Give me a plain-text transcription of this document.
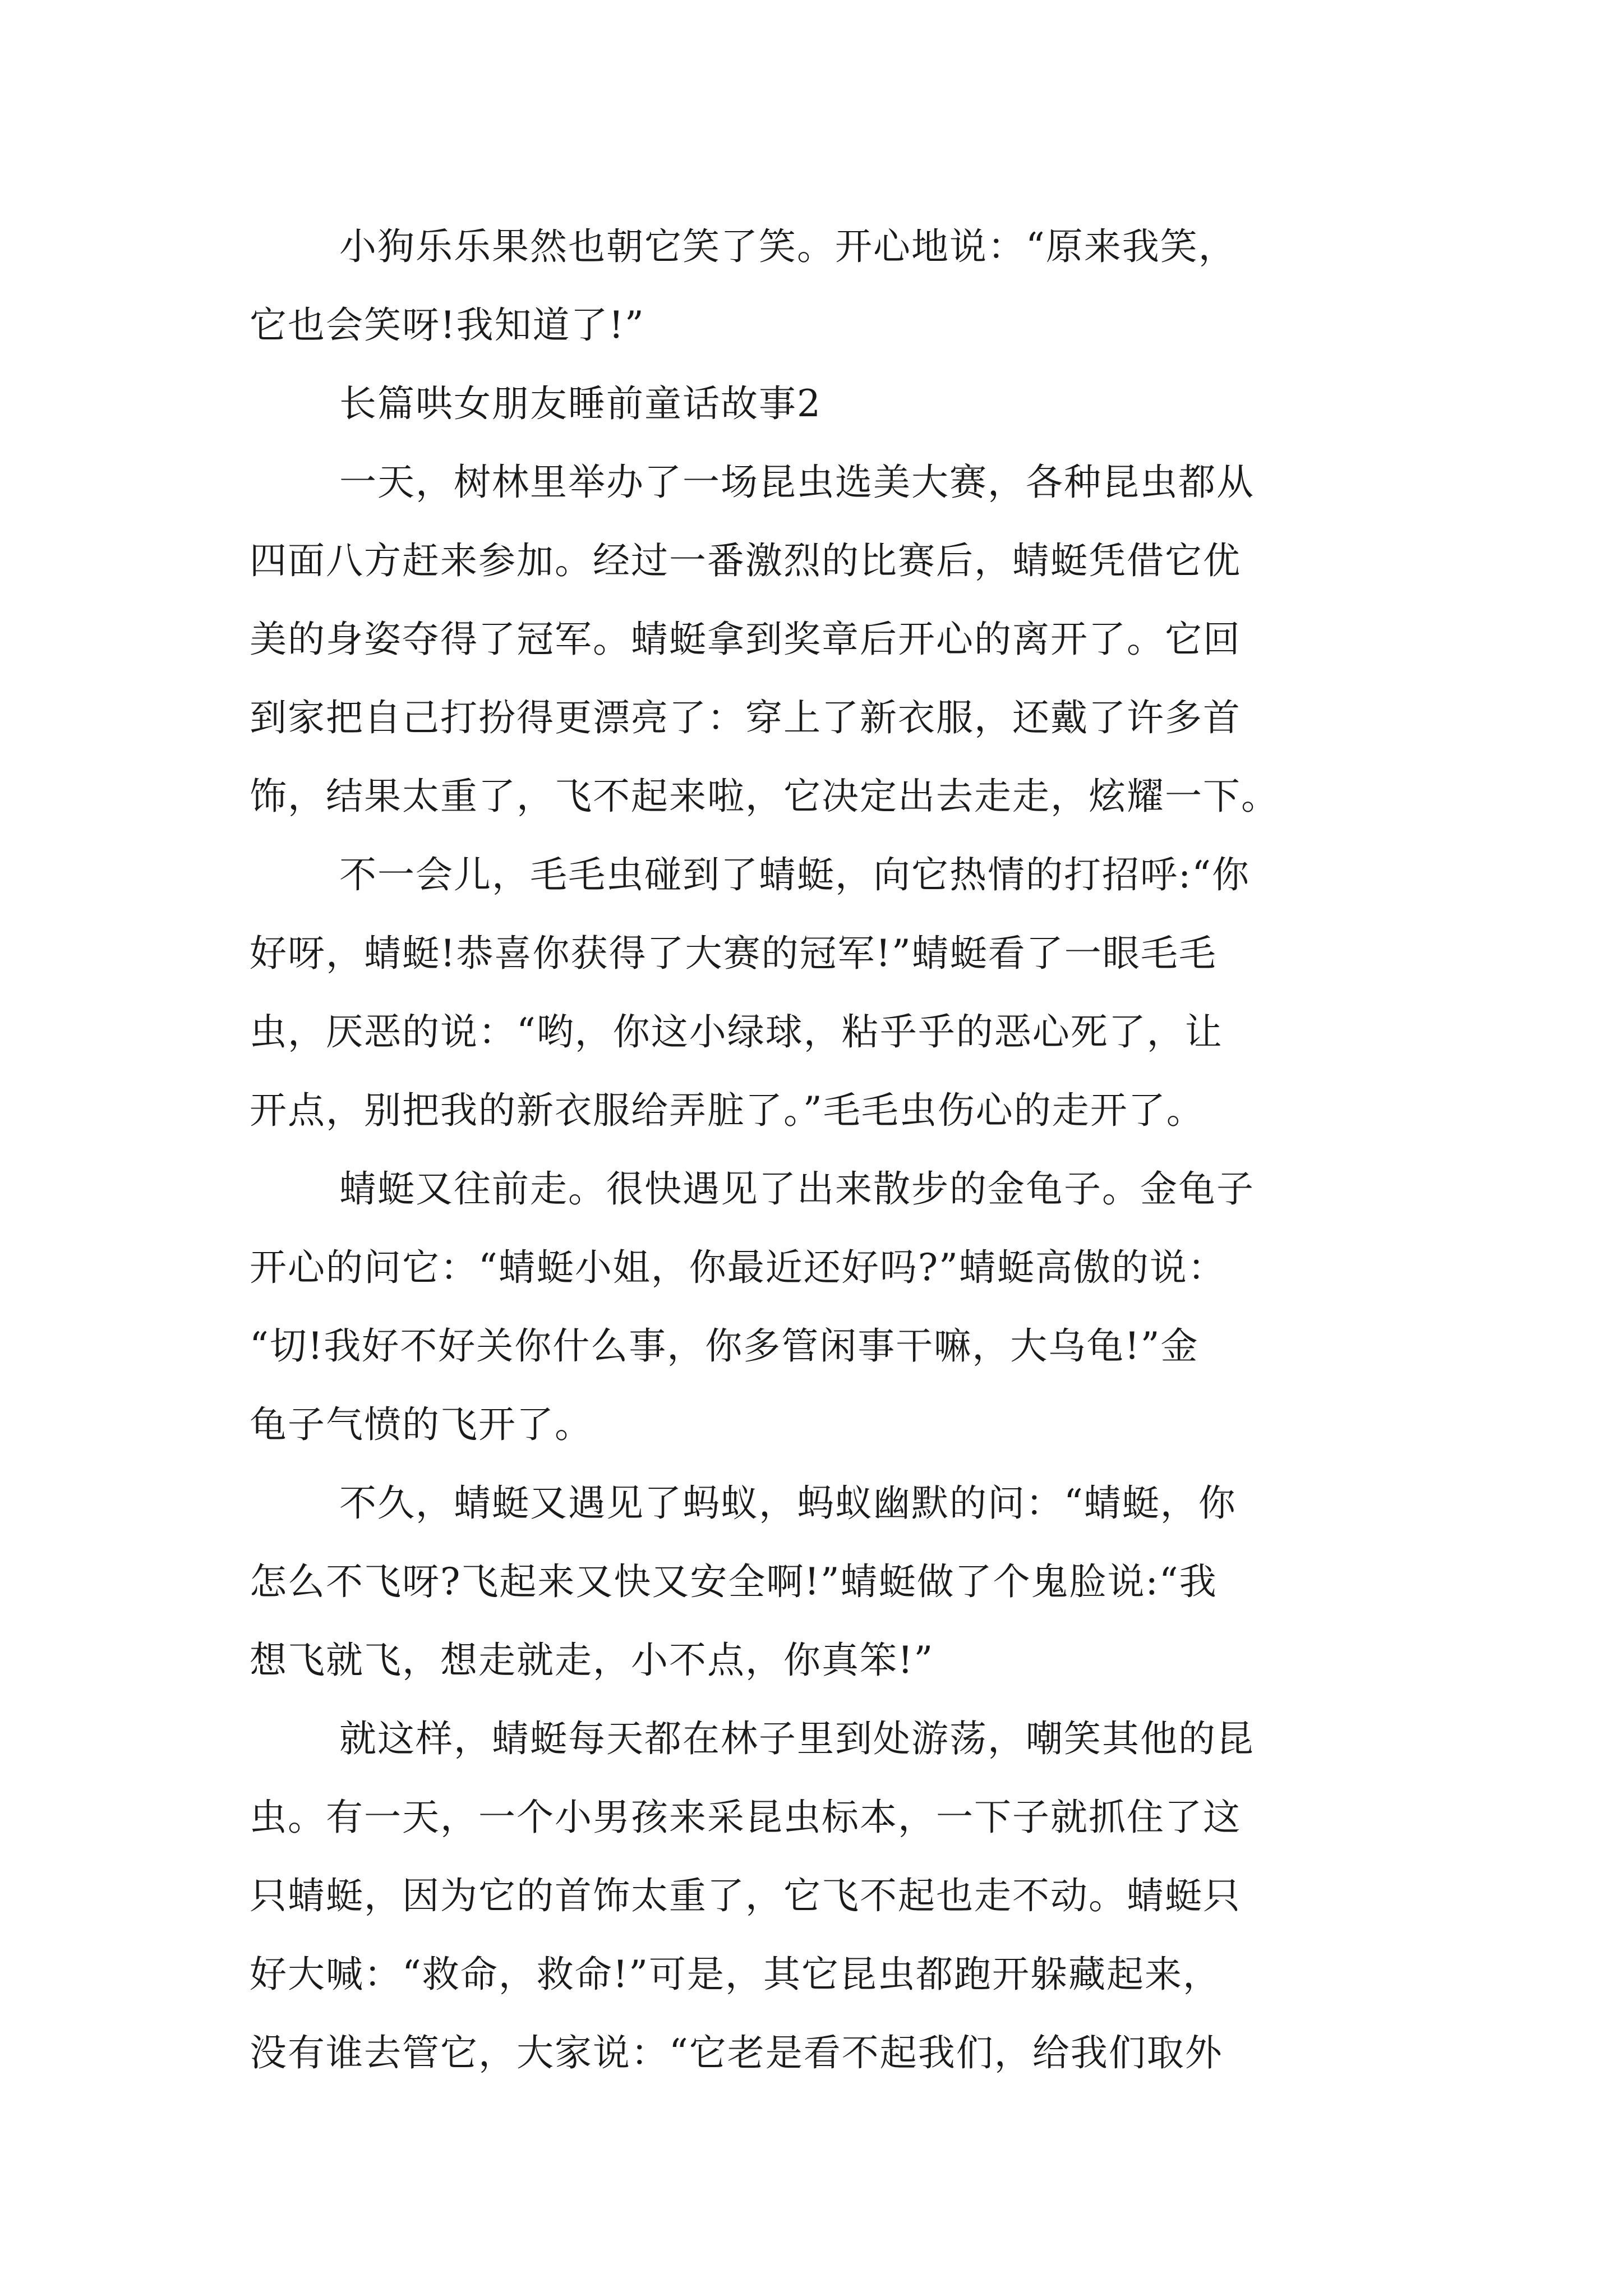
小狗乐乐果然也朝它笑了笑。开心地说：“原来我笑，
它也会笑呀!我知道了!”

长篇哄女朋友睡前童话故事2

一天，树林里举办了一场昆虫选美大赛，各种昆虫都从
四面八方赶来参加。经过一番激烈的比赛后，蜻蜓凭借它优
美的身姿夺得了冠军。蜻蜓拿到奖章后开心的离开了。它回
到家把自己打扮得更漂亮了：穿上了新衣服，还戴了许多首
饰，结果太重了，飞不起来啦，它决定出去走走，炫耀一下。

不一会儿，毛毛虫碰到了蜻蜓，向它热情的打招呼:“你
好呀，蜻蜓!恭喜你获得了大赛的冠军!”蜻蜓看了一眼毛毛
虫，厌恶的说：“哟，你这小绿球，粘乎乎的恶心死了，让
开点，别把我的新衣服给弄脏了。”毛毛虫伤心的走开了。

蜻蜓又往前走。很快遇见了出来散步的金龟子。金龟子
开心的问它：“蜻蜓小姐，你最近还好吗?”蜻蜓高傲的说：
“切!我好不好关你什么事，你多管闲事干嘛，大乌龟!”金
龟子气愤的飞开了。

不久，蜻蜓又遇见了蚂蚁，蚂蚁幽默的问：“蜻蜓，你
怎么不飞呀?飞起来又快又安全啊!”蜻蜓做了个鬼脸说:“我
想飞就飞，想走就走，小不点，你真笨!”

就这样，蜻蜓每天都在林子里到处游荡，嘲笑其他的昆
虫。有一天，一个小男孩来采昆虫标本，一下子就抓住了这
只蜻蜓，因为它的首饰太重了，它飞不起也走不动。蜻蜓只
好大喊：“救命，救命!”可是，其它昆虫都跑开躲藏起来，
没有谁去管它，大家说：“它老是看不起我们，给我们取外
